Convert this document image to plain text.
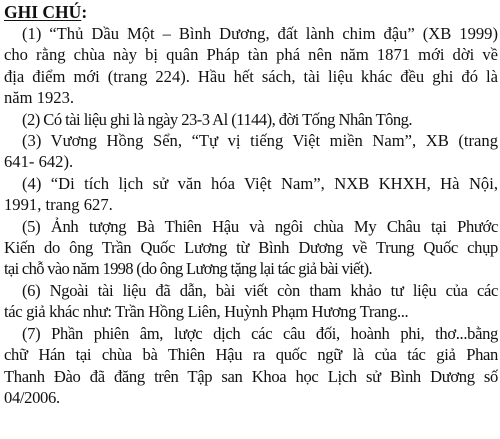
GHI CHÚ:
(1) “Thủ Dầu Một – Bình Dương, đất lành chim đậu” (XB 1999)
cho rằng chùa này bị quân Pháp tàn phá nên năm 1871 mới dời về
địa điểm mới (trang 224). Hầu hết sách, tài liệu khác đều ghi đó là
năm 1923.
(2) Có tài liệu ghi là ngày 23-3 Al (1144), đời Tống Nhân Tông.
(3) Vương Hồng Sển, “Tự vị tiếng Việt miền Nam”, XB (trang
641- 642).
(4) “Di tích lịch sử văn hóa Việt Nam”, NXB KHXH, Hà Nội,
1991, trang 627.
(5) Ảnh tượng Bà Thiên Hậu và ngôi chùa My Châu tại Phước
Kiến do ông Trần Quốc Lương từ Bình Dương về Trung Quốc chụp
tại chỗ vào năm 1998 (do ông Lương tặng lại tác giả bài viết).
(6) Ngoài tài liệu đã dẫn, bài viết còn tham khảo tư liệu của các
tác giả khác như: Trần Hồng Liên, Huỳnh Phạm Hương Trang...
(7) Phần phiên âm, lược dịch các câu đối, hoành phi, thơ...bằng
chữ Hán tại chùa bà Thiên Hậu ra quốc ngữ là của tác giả Phan
Thanh Đào đã đăng trên Tập san Khoa học Lịch sử Bình Dương số
04/2006.
